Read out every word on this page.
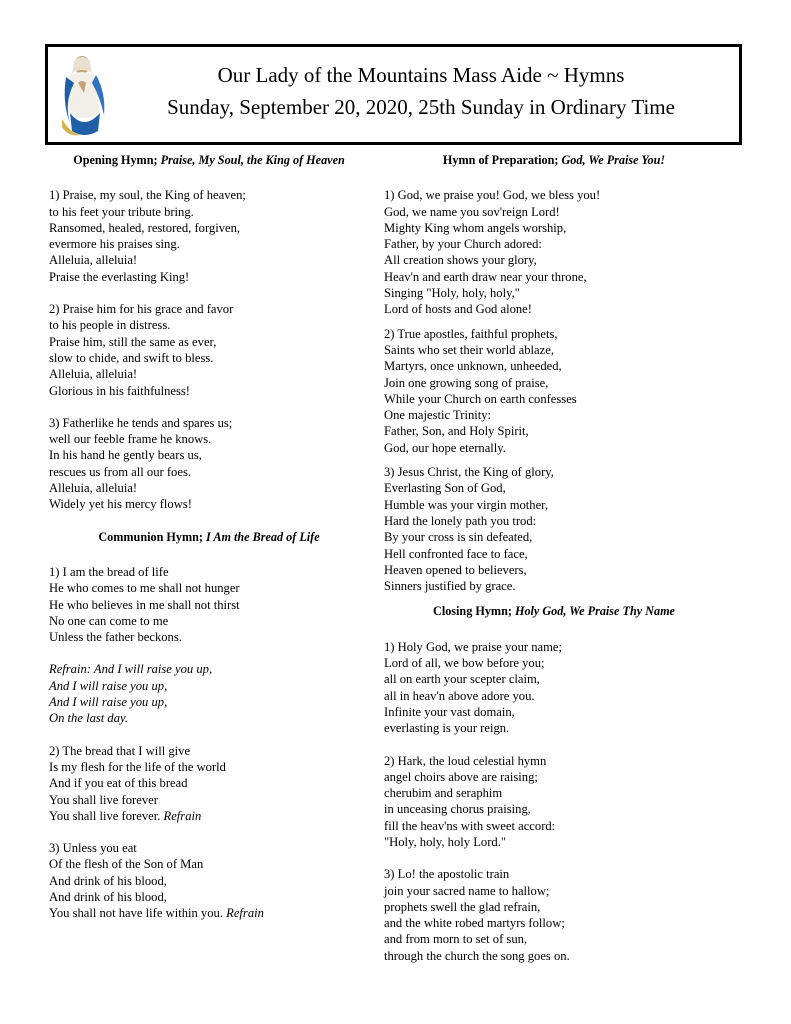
Our Lady of the Mountains Mass Aide ~ Hymns
Sunday, September 20, 2020, 25th Sunday in Ordinary Time
Opening Hymn; Praise, My Soul, the King of Heaven
1) Praise, my soul, the King of heaven;
to his feet your tribute bring.
Ransomed, healed, restored, forgiven,
evermore his praises sing.
Alleluia, alleluia!
Praise the everlasting King!
2) Praise him for his grace and favor
to his people in distress.
Praise him, still the same as ever,
slow to chide, and swift to bless.
Alleluia, alleluia!
Glorious in his faithfulness!
3) Fatherlike he tends and spares us;
well our feeble frame he knows.
In his hand he gently bears us,
rescues us from all our foes.
Alleluia, alleluia!
Widely yet his mercy flows!
Communion Hymn; I Am the Bread of Life
1) I am the bread of life
He who comes to me shall not hunger
He who believes in me shall not thirst
No one can come to me
Unless the father beckons.
Refrain: And I will raise you up,
And I will raise you up,
And I will raise you up,
On the last day.
2) The bread that I will give
Is my flesh for the life of the world
And if you eat of this bread
You shall live forever
You shall live forever. Refrain
3) Unless you eat
Of the flesh of the Son of Man
And drink of his blood,
And drink of his blood,
You shall not have life within you. Refrain
Hymn of Preparation; God, We Praise You!
1) God, we praise you! God, we bless you!
God, we name you sov'reign Lord!
Mighty King whom angels worship,
Father, by your Church adored:
All creation shows your glory,
Heav'n and earth draw near your throne,
Singing "Holy, holy, holy,"
Lord of hosts and God alone!
2) True apostles, faithful prophets,
Saints who set their world ablaze,
Martyrs, once unknown, unheeded,
Join one growing song of praise,
While your Church on earth confesses
One majestic Trinity:
Father, Son, and Holy Spirit,
God, our hope eternally.
3) Jesus Christ, the King of glory,
Everlasting Son of God,
Humble was your virgin mother,
Hard the lonely path you trod:
By your cross is sin defeated,
Hell confronted face to face,
Heaven opened to believers,
Sinners justified by grace.
Closing Hymn; Holy God, We Praise Thy Name
1) Holy God, we praise your name;
Lord of all, we bow before you;
all on earth your scepter claim,
all in heav'n above adore you.
Infinite your vast domain,
everlasting is your reign.
2) Hark, the loud celestial hymn
angel choirs above are raising;
cherubim and seraphim
in unceasing chorus praising,
fill the heav'ns with sweet accord:
"Holy, holy, holy Lord."
3) Lo! the apostolic train
join your sacred name to hallow;
prophets swell the glad refrain,
and the white robed martyrs follow;
and from morn to set of sun,
through the church the song goes on.
